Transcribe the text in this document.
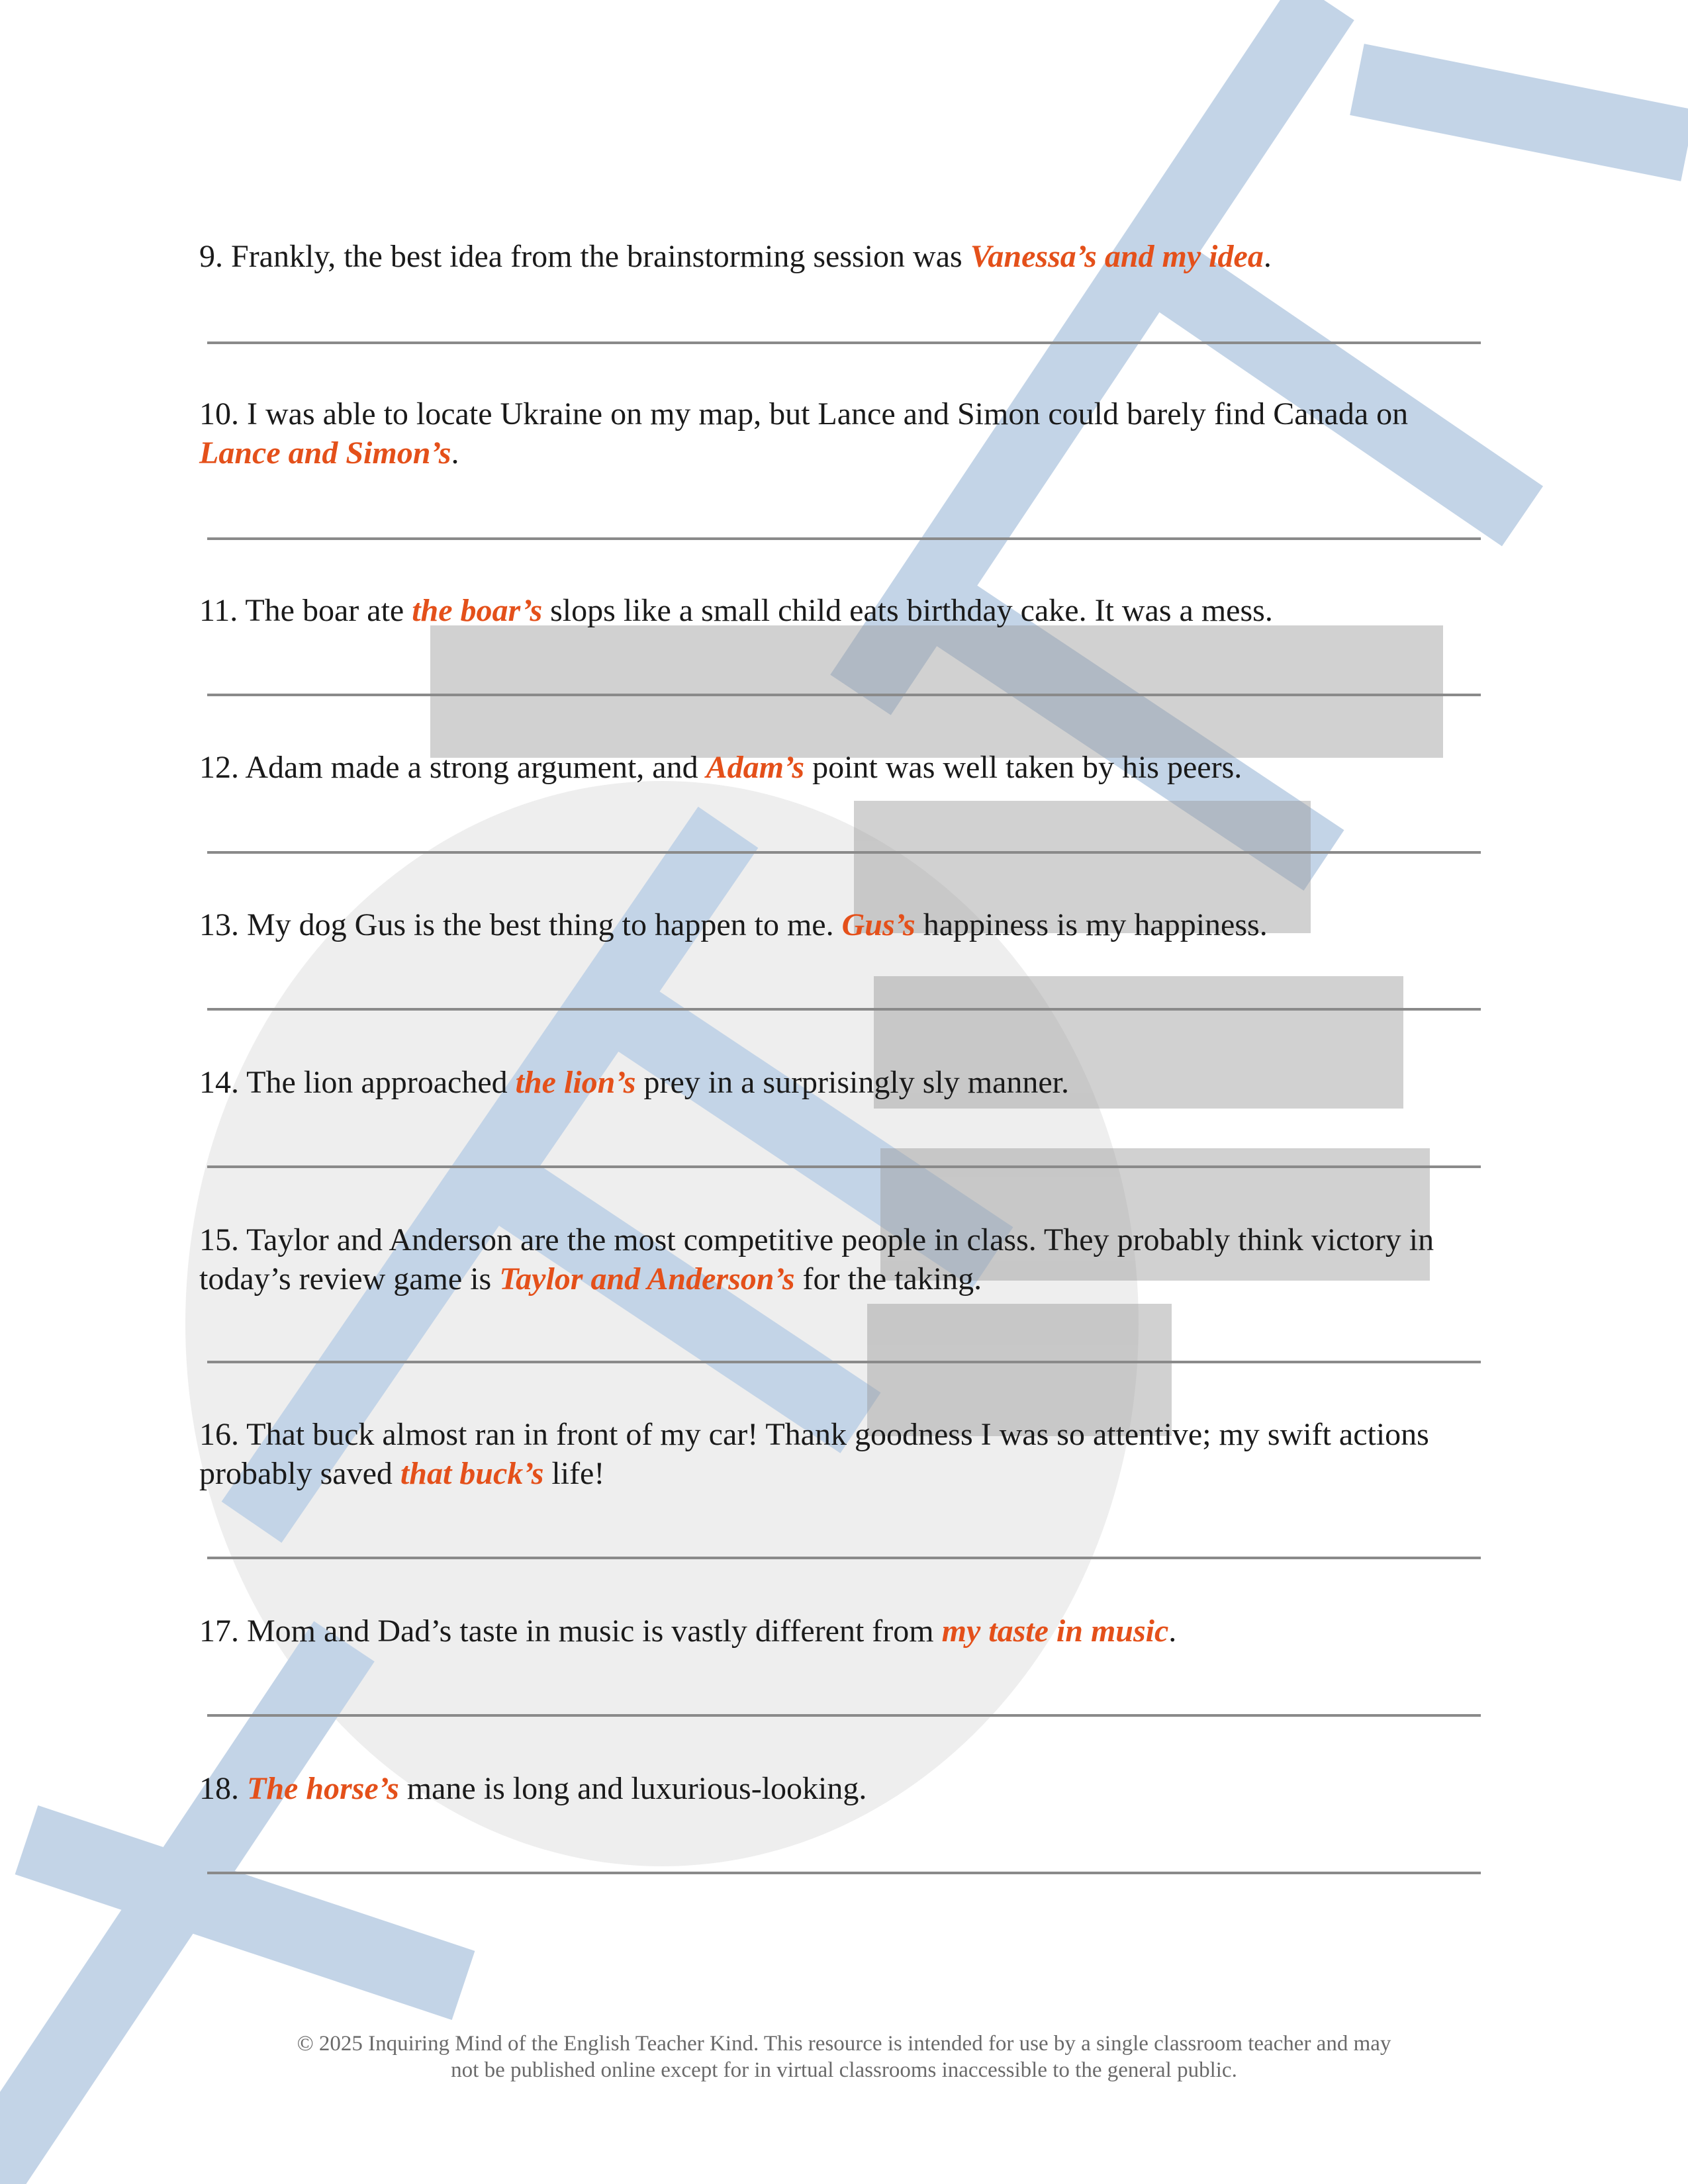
9. Frankly, the best idea from the brainstorming session was Vanessa’s and my idea.
10. I was able to locate Ukraine on my map, but Lance and Simon could barely find Canada on Lance and Simon’s.
11. The boar ate the boar’s slops like a small child eats birthday cake. It was a mess.
12. Adam made a strong argument, and Adam’s point was well taken by his peers.
13. My dog Gus is the best thing to happen to me. Gus’s happiness is my happiness.
14. The lion approached the lion’s prey in a surprisingly sly manner.
15. Taylor and Anderson are the most competitive people in class. They probably think victory in today’s review game is Taylor and Anderson’s for the taking.
16. That buck almost ran in front of my car! Thank goodness I was so attentive; my swift actions probably saved that buck’s life!
17. Mom and Dad’s taste in music is vastly different from my taste in music.
18. The horse’s mane is long and luxurious-looking.
© 2025 Inquiring Mind of the English Teacher Kind. This resource is intended for use by a single classroom teacher and may
not be published online except for in virtual classrooms inaccessible to the general public.
